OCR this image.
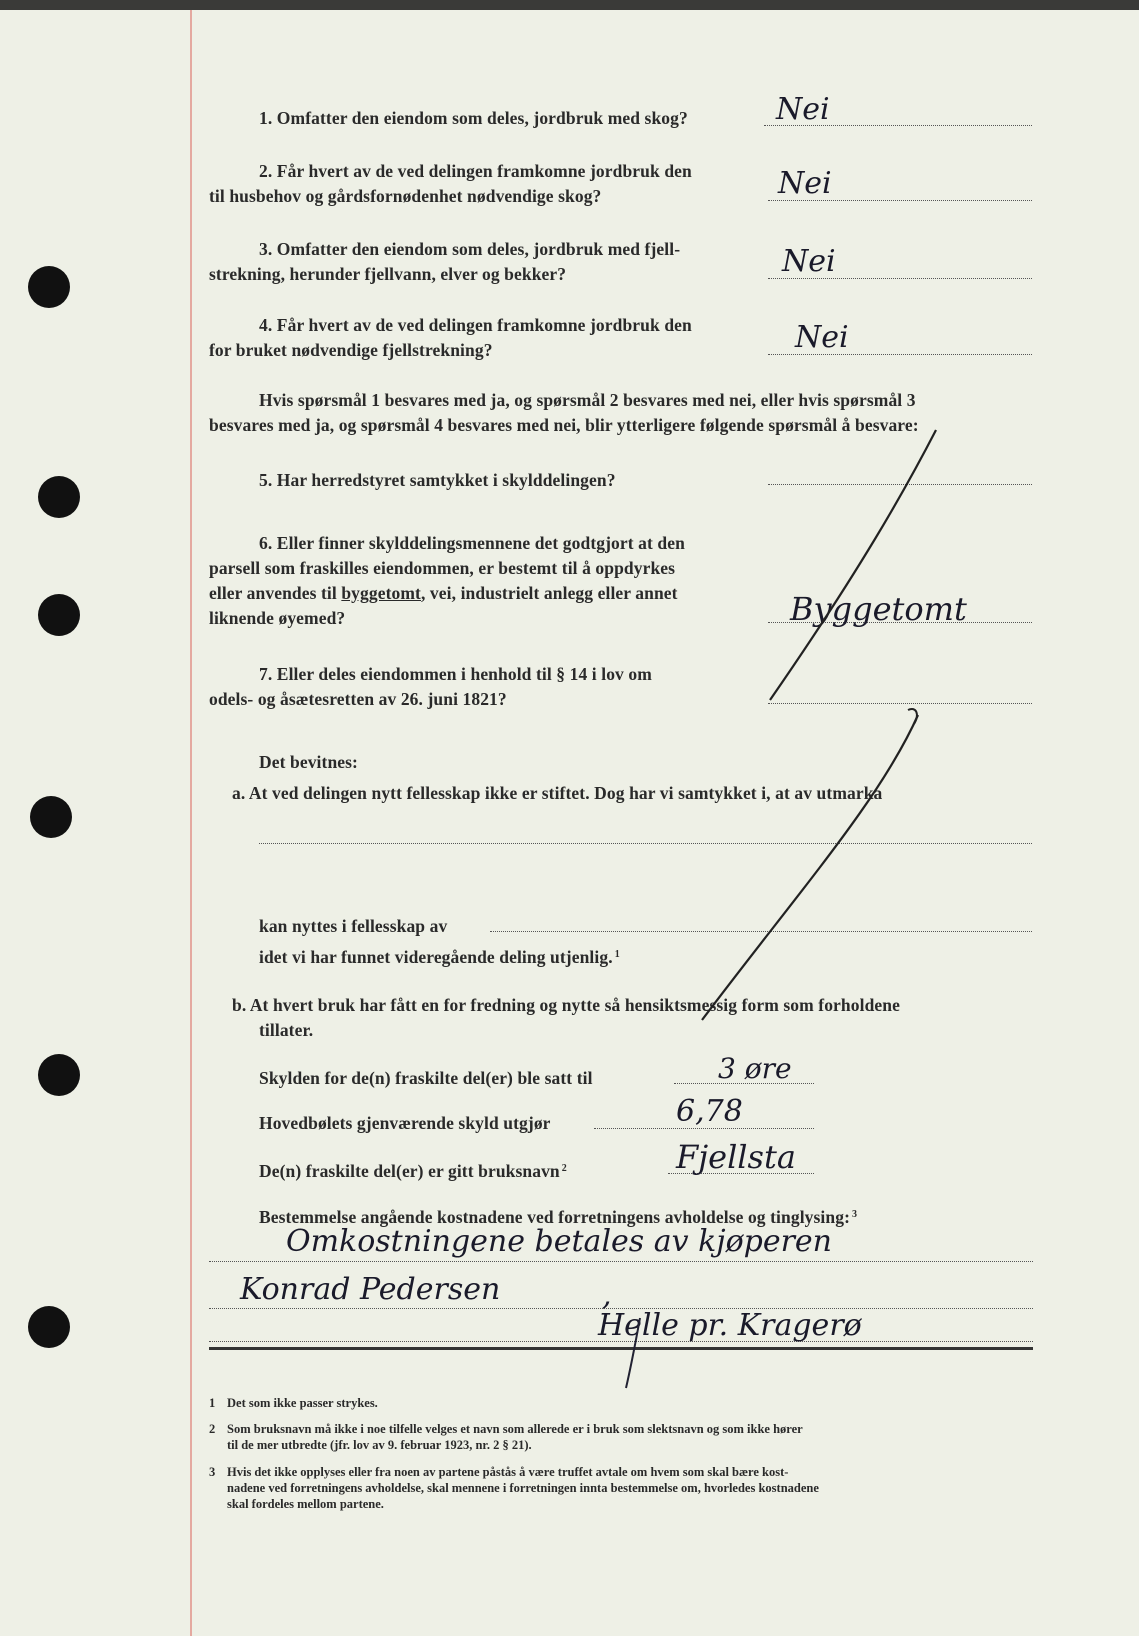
1. Omfatter den eiendom som deles, jordbruk med skog?	Nei
2. Får hvert av de ved delingen framkomne jordbruk den
til husbehov og gårdsfornødenhet nødvendige skog?	Nei
3. Omfatter den eiendom som deles, jordbruk med fjell-
strekning, herunder fjellvann, elver og bekker?	Nei
4. Får hvert av de ved delingen framkomne jordbruk den
for bruket nødvendige fjellstrekning?	Nei
Hvis spørsmål 1 besvares med ja, og spørsmål 2 besvares med nei, eller hvis spørsmål 3
besvares med ja, og spørsmål 4 besvares med nei, blir ytterligere følgende spørsmål å besvare:
5. Har herredstyret samtykket i skylddelingen?
6. Eller finner skylddelingsmennene det godtgjort at den
parsell som fraskilles eiendommen, er bestemt til å oppdyrkes
eller anvendes til byggetomt, vei, industrielt anlegg eller annet
liknende øyemed?	Byggetomt
7. Eller deles eiendommen i henhold til § 14 i lov om
odels- og åsætesretten av 26. juni 1821?
Det bevitnes:
a. At ved delingen nytt fellesskap ikke er stiftet. Dog har vi samtykket i, at av utmarka
kan nyttes i fellesskap av
idet vi har funnet videregående deling utjenlig. $^1$
b. At hvert bruk har fått en for fredning og nytte så hensiktsmessig form som forholdene
tillater.
Skylden for de(n) fraskilte del(er) ble satt til	3 øre
Hovedbølets gjenværende skyld utgjør	6,78
De(n) fraskilte del(er) er gitt bruksnavn $^2$	Fjellsta
Bestemmelse angående kostnadene ved forretningens avholdelse og tinglysing: $^3$
Omkostningene betales av kjøperen
Konrad Pedersen	,
Helle pr. Kragerø
1 Det som ikke passer strykes.
2 Som bruksnavn må ikke i noe tilfelle velges et navn som allerede er i bruk som slektsnavn og som ikke hører
til de mer utbredte (jfr. lov av 9. februar 1923, nr. 2 § 21).
3 Hvis det ikke opplyses eller fra noen av partene påstås å være truffet avtale om hvem som skal bære kost-
nadene ved forretningens avholdelse, skal mennene i forretningen innta bestemmelse om, hvorledes kostnadene
skal fordeles mellom partene.
